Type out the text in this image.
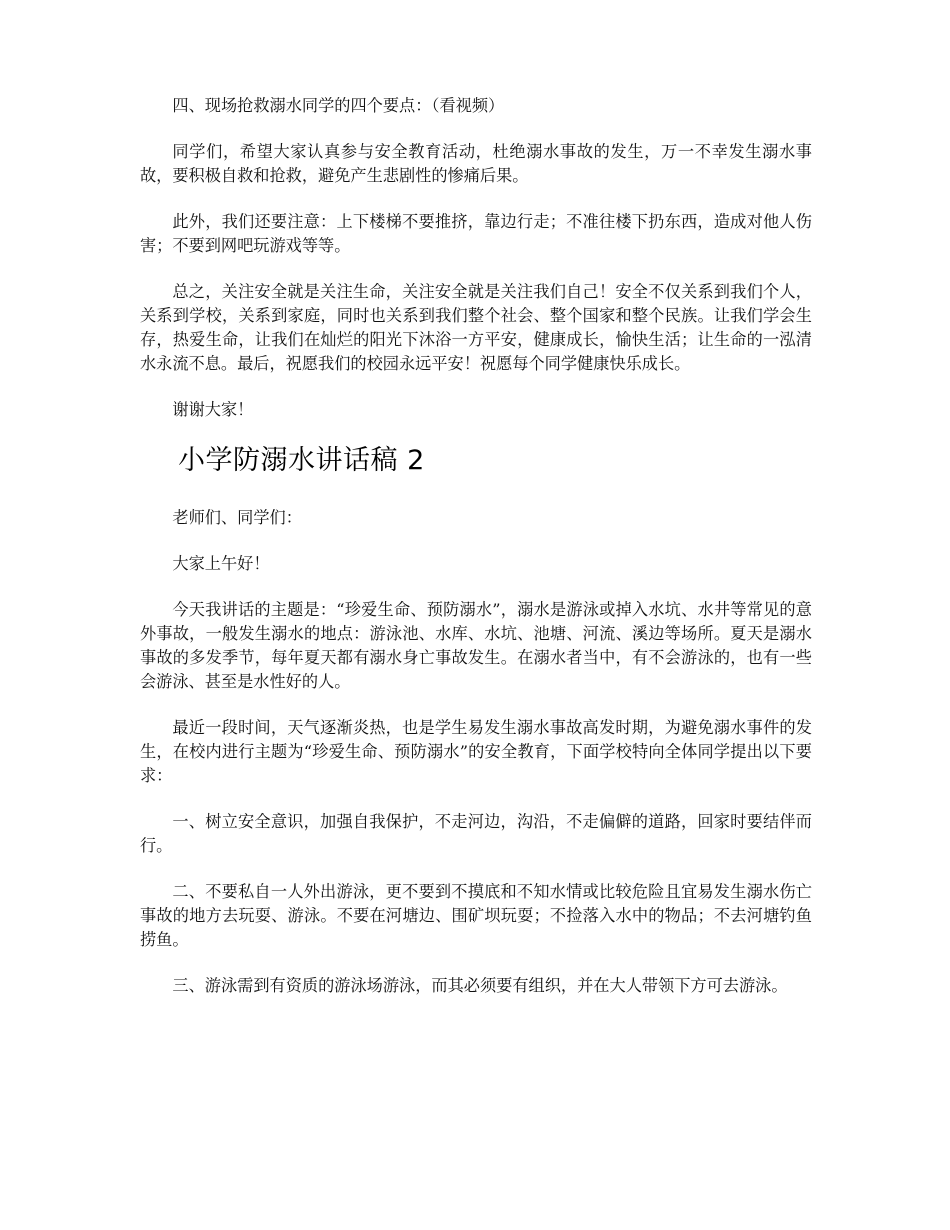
四、现场抢救溺水同学的四个要点：（看视频）

同学们，希望大家认真参与安全教育活动，杜绝溺水事故的发生，万一不幸发生溺水事故，要积极自救和抢救，避免产生悲剧性的惨痛后果。

此外，我们还要注意：上下楼梯不要推挤，靠边行走；不准往楼下扔东西，造成对他人伤害；不要到网吧玩游戏等等。

总之，关注安全就是关注生命，关注安全就是关注我们自己！安全不仅关系到我们个人，关系到学校，关系到家庭，同时也关系到我们整个社会、整个国家和整个民族。让我们学会生存，热爱生命，让我们在灿烂的阳光下沐浴一方平安，健康成长，愉快生活；让生命的一泓清水永流不息。最后，祝愿我们的校园永远平安！祝愿每个同学健康快乐成长。

谢谢大家！

小学防溺水讲话稿 2

老师们、同学们：

大家上午好！

今天我讲话的主题是：“珍爱生命、预防溺水”，溺水是游泳或掉入水坑、水井等常见的意外事故，一般发生溺水的地点：游泳池、水库、水坑、池塘、河流、溪边等场所。夏天是溺水事故的多发季节，每年夏天都有溺水身亡事故发生。在溺水者当中，有不会游泳的，也有一些会游泳、甚至是水性好的人。

最近一段时间，天气逐渐炎热，也是学生易发生溺水事故高发时期，为避免溺水事件的发生，在校内进行主题为“珍爱生命、预防溺水”的安全教育，下面学校特向全体同学提出以下要求：

一、树立安全意识，加强自我保护，不走河边，沟沿，不走偏僻的道路，回家时要结伴而行。

二、不要私自一人外出游泳，更不要到不摸底和不知水情或比较危险且宜易发生溺水伤亡事故的地方去玩耍、游泳。不要在河塘边、围矿坝玩耍；不捡落入水中的物品；不去河塘钓鱼捞鱼。

三、游泳需到有资质的游泳场游泳，而其必须要有组织，并在大人带领下方可去游泳。
